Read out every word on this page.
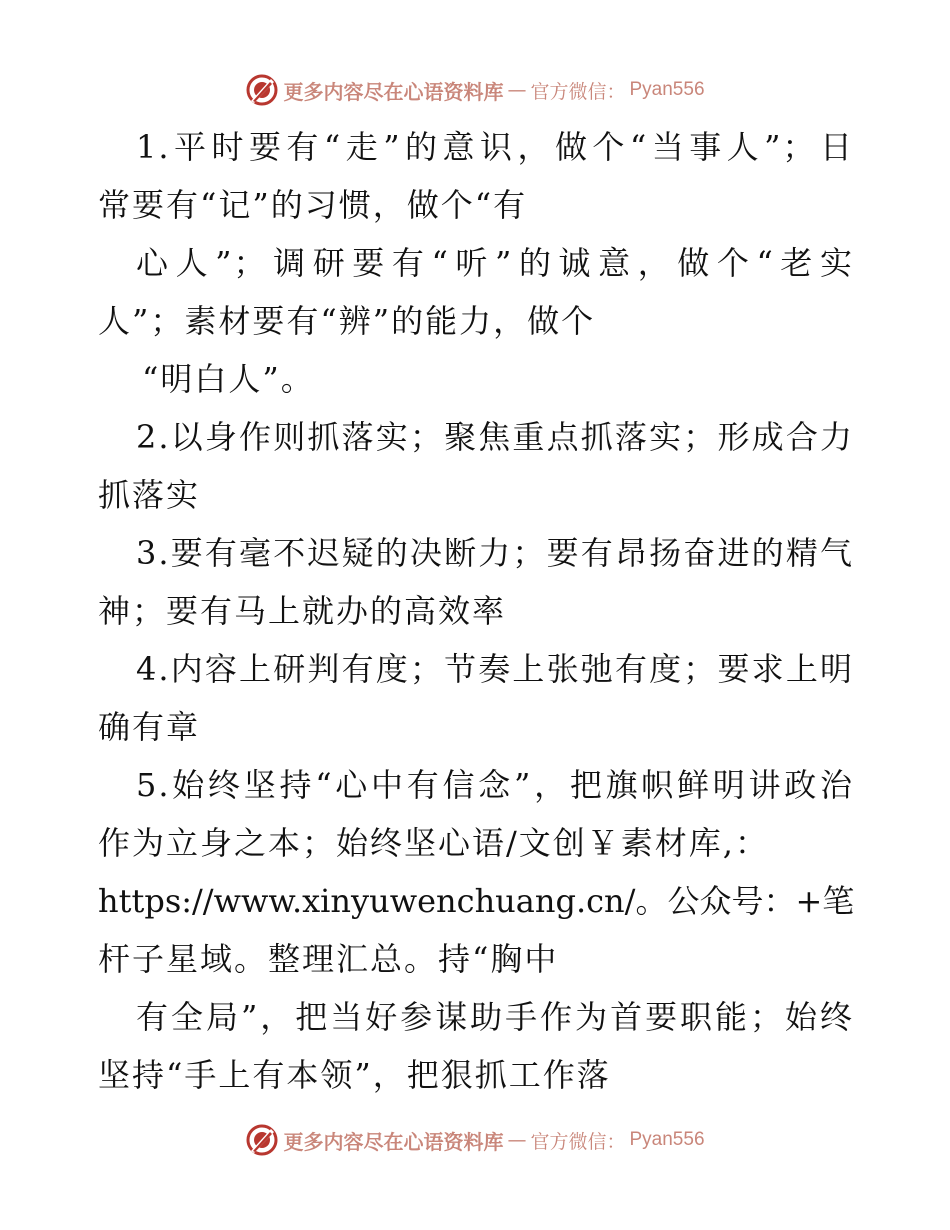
更多内容尽在心语资料库 — 官方微信： Pyan556
1.平时要有“走”的意识，做个“当事人”；日
常要有“记”的习惯，做个“有
心人”；调研要有“听”的诚意，做个“老实
人”；素材要有“辨”的能力，做个
“明白人”。
2.以身作则抓落实；聚焦重点抓落实；形成合力
抓落实
3.要有毫不迟疑的决断力；要有昂扬奋进的精气
神；要有马上就办的高效率
4.内容上研判有度；节奏上张弛有度；要求上明
确有章
5.始终坚持“心中有信念”，把旗帜鲜明讲政治
作为立身之本；始终坚心语/文创￥素材库,：
https://www.xinyuwenchuang.cn/。公众号：+笔
杆子星域。整理汇总。持“胸中
有全局”，把当好参谋助手作为首要职能；始终
坚持“手上有本领”，把狠抓工作落
更多内容尽在心语资料库 — 官方微信： Pyan556
